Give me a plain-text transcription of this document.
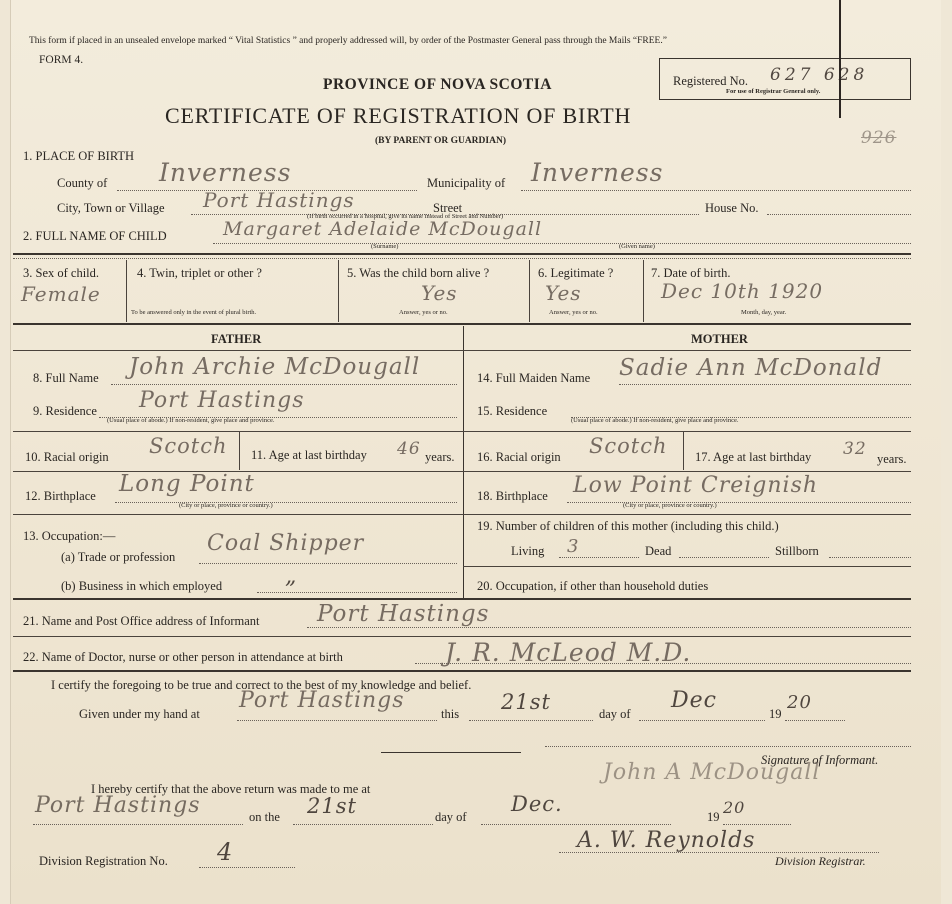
This form if placed in an unsealed envelope marked “ Vital Statistics ” and properly addressed will, by order of the Postmaster General pass through the Mails “FREE.”
FORM 4.
PROVINCE OF NOVA SCOTIA
CERTIFICATE OF REGISTRATION OF BIRTH
(BY PARENT OR GUARDIAN)
Registered No. 627 628
For use of Registrar General only.
926
1. PLACE OF BIRTH
County of Inverness	Municipality of Inverness
City, Town or Village Port Hastings	Street	House No.
(If birth occurred in a hospital, give its name instead of Street and Number)
2. FULL NAME OF CHILD	Margaret Adelaide McDougall
(Surname)	(Given name)
3. Sex of child.
Female
4. Twin, triplet or other ?
To be answered only in the event of plural birth.
5. Was the child born alive ?
Yes
Answer, yes or no.
6. Legitimate ?
Yes
Answer, yes or no.
7. Date of birth.
Dec 10th 1920
Month, day, year.
FATHER	MOTHER
8. Full Name John Archie McDougall
9. Residence Port Hastings
(Usual place of abode.) If non-resident, give place and province.
10. Racial origin Scotch 11. Age at last birthday 46 years.
12. Birthplace Long Point
(City or place, province or country.)
13. Occupation:—
(a) Trade or profession
Coal Shipper
(b) Business in which employed	„
14. Full Maiden Name Sadie Ann McDonald
15. Residence
(Usual place of abode.) If non-resident, give place and province.
16. Racial origin Scotch 17. Age at last birthday 32 years.
18. Birthplace Low Point Creignish
(City or place, province or country.)
19. Number of children of this mother (including this child.)
Living 3	Dead	Stillborn
20. Occupation, if other than household duties
21. Name and Post Office address of Informant Port Hastings
22. Name of Doctor, nurse or other person in attendance at birth	J. R. McLeod M.D.
I certify the foregoing to be true and correct to the best of my knowledge and belief.
Given under my hand at
Port Hastings
this 21st	day of
Dec
19
20
Signature of Informant.
John A McDougall
I hereby certify that the above return was made to me at
Port Hastings	on the 21st	day of
Dec.
19 20
Division Registration No. 4	A. W. Reynolds
Division Registrar.
